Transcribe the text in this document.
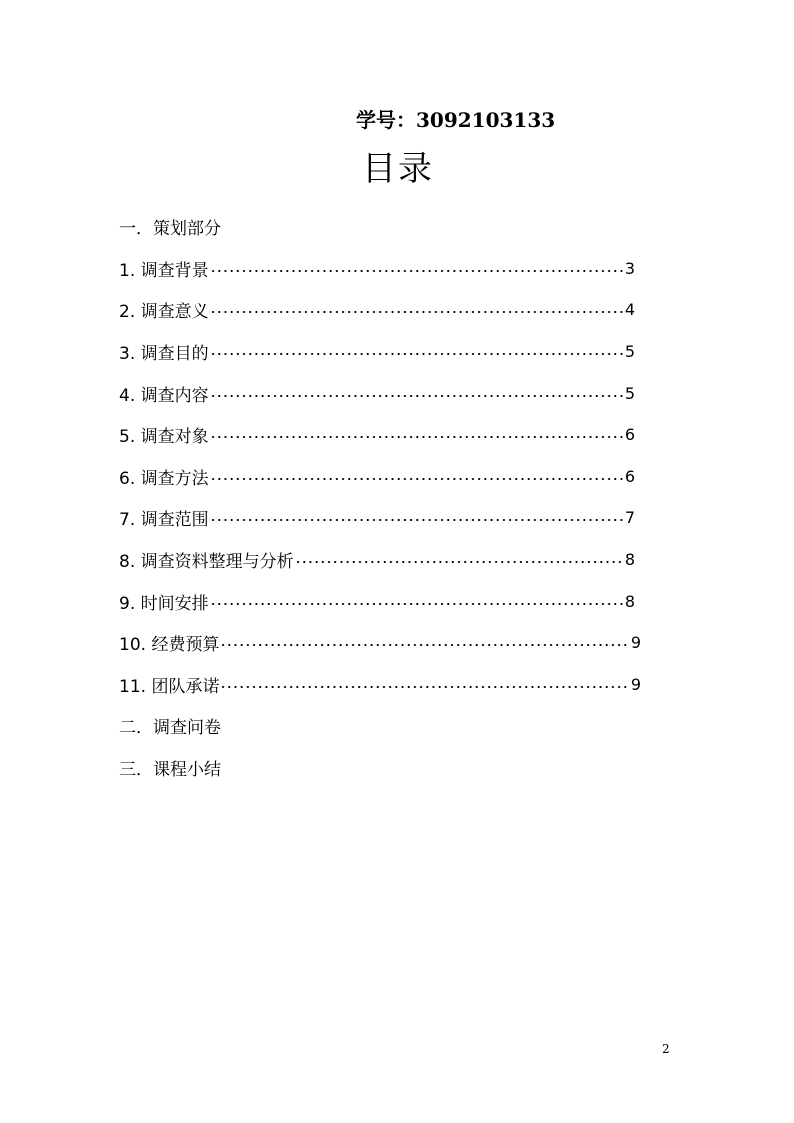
学号：3092103133
目录
一．策划部分
1. 调查背景	3
2. 调查意义	4
3. 调查目的	5
4. 调查内容	5
5. 调查对象	6
6. 调查方法	6
7. 调查范围	7
8. 调查资料整理与分析	8
9. 时间安排	8
10. 经费预算	9
11. 团队承诺	9
二．调查问卷
三．课程小结
2
